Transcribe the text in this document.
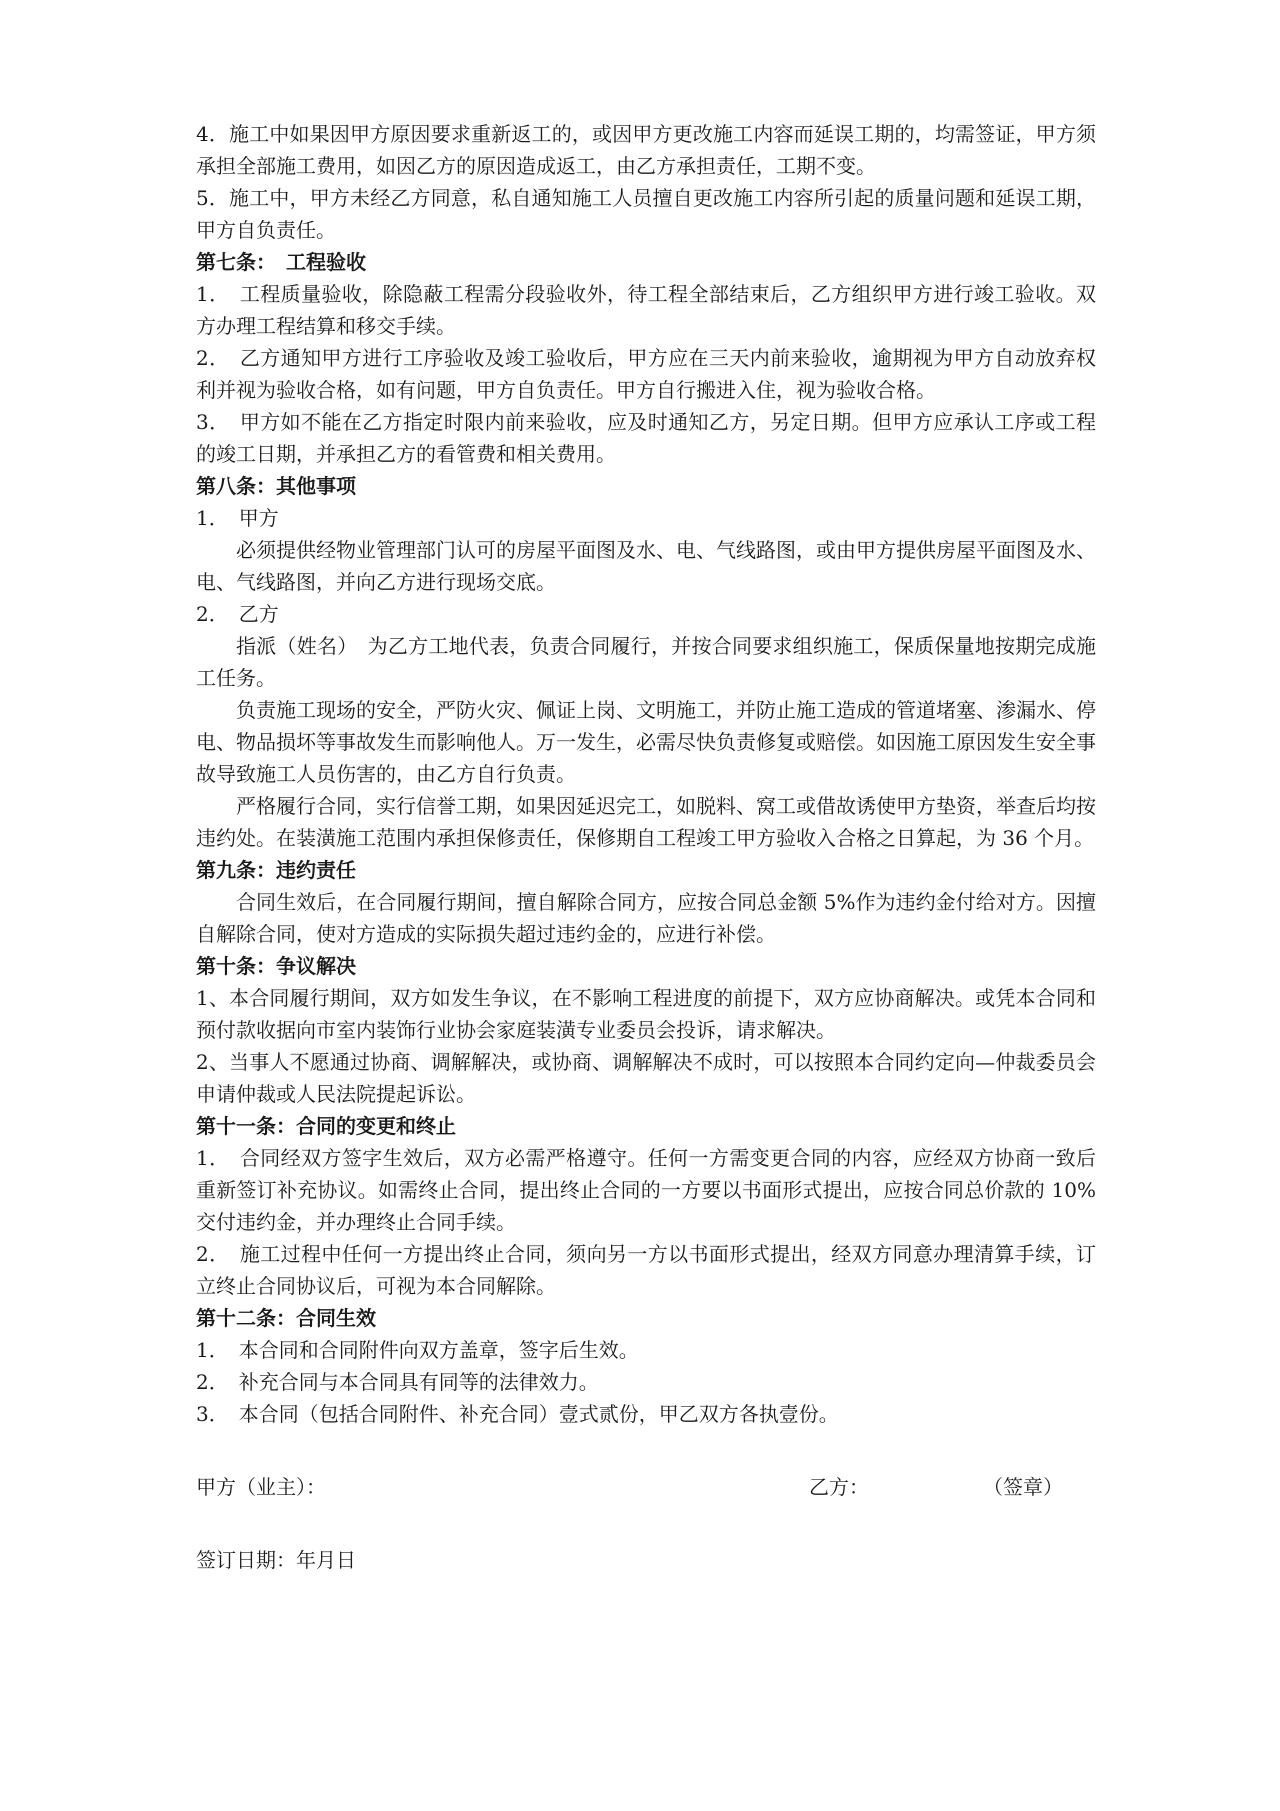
4．施工中如果因甲方原因要求重新返工的，或因甲方更改施工内容而延误工期的，均需签证，甲方须承担全部施工费用，如因乙方的原因造成返工，由乙方承担责任，工期不变。

5．施工中，甲方未经乙方同意，私自通知施工人员擅自更改施工内容所引起的质量问题和延误工期，甲方自负责任。

第七条：　工程验收

1．　工程质量验收，除隐蔽工程需分段验收外，待工程全部结束后，乙方组织甲方进行竣工验收。双方办理工程结算和移交手续。

2．　乙方通知甲方进行工序验收及竣工验收后，甲方应在三天内前来验收，逾期视为甲方自动放弃权利并视为验收合格，如有问题，甲方自负责任。甲方自行搬进入住，视为验收合格。

3．　甲方如不能在乙方指定时限内前来验收，应及时通知乙方，另定日期。但甲方应承认工序或工程的竣工日期，并承担乙方的看管费和相关费用。

第八条：其他事项

1．　甲方

必须提供经物业管理部门认可的房屋平面图及水、电、气线路图，或由甲方提供房屋平面图及水、电、气线路图，并向乙方进行现场交底。

2．　乙方

指派（姓名）　为乙方工地代表，负责合同履行，并按合同要求组织施工，保质保量地按期完成施工任务。

负责施工现场的安全，严防火灾、佩证上岗、文明施工，并防止施工造成的管道堵塞、渗漏水、停电、物品损坏等事故发生而影响他人。万一发生，必需尽快负责修复或赔偿。如因施工原因发生安全事故导致施工人员伤害的，由乙方自行负责。

严格履行合同，实行信誉工期，如果因延迟完工，如脱料、窝工或借故诱使甲方垫资，举查后均按违约处。在装潢施工范围内承担保修责任，保修期自工程竣工甲方验收入合格之日算起，为 36 个月。

第九条：违约责任

合同生效后，在合同履行期间，擅自解除合同方，应按合同总金额 5%作为违约金付给对方。因擅自解除合同，使对方造成的实际损失超过违约金的，应进行补偿。

第十条：争议解决

1、本合同履行期间，双方如发生争议，在不影响工程进度的前提下，双方应协商解决。或凭本合同和预付款收据向市室内装饰行业协会家庭装潢专业委员会投诉，请求解决。

2、当事人不愿通过协商、调解解决，或协商、调解解决不成时，可以按照本合同约定向—仲裁委员会申请仲裁或人民法院提起诉讼。

第十一条：合同的变更和终止

1．　合同经双方签字生效后，双方必需严格遵守。任何一方需变更合同的内容，应经双方协商一致后重新签订补充协议。如需终止合同，提出终止合同的一方要以书面形式提出，应按合同总价款的 10%交付违约金，并办理终止合同手续。

2．　施工过程中任何一方提出终止合同，须向另一方以书面形式提出，经双方同意办理清算手续，订立终止合同协议后，可视为本合同解除。

第十二条：合同生效

1．　本合同和合同附件向双方盖章，签字后生效。

2．　补充合同与本合同具有同等的法律效力。

3．　本合同（包括合同附件、补充合同）壹式贰份，甲乙双方各执壹份。

甲方（业主）：	乙方：	（签章）
签订日期：年月日
